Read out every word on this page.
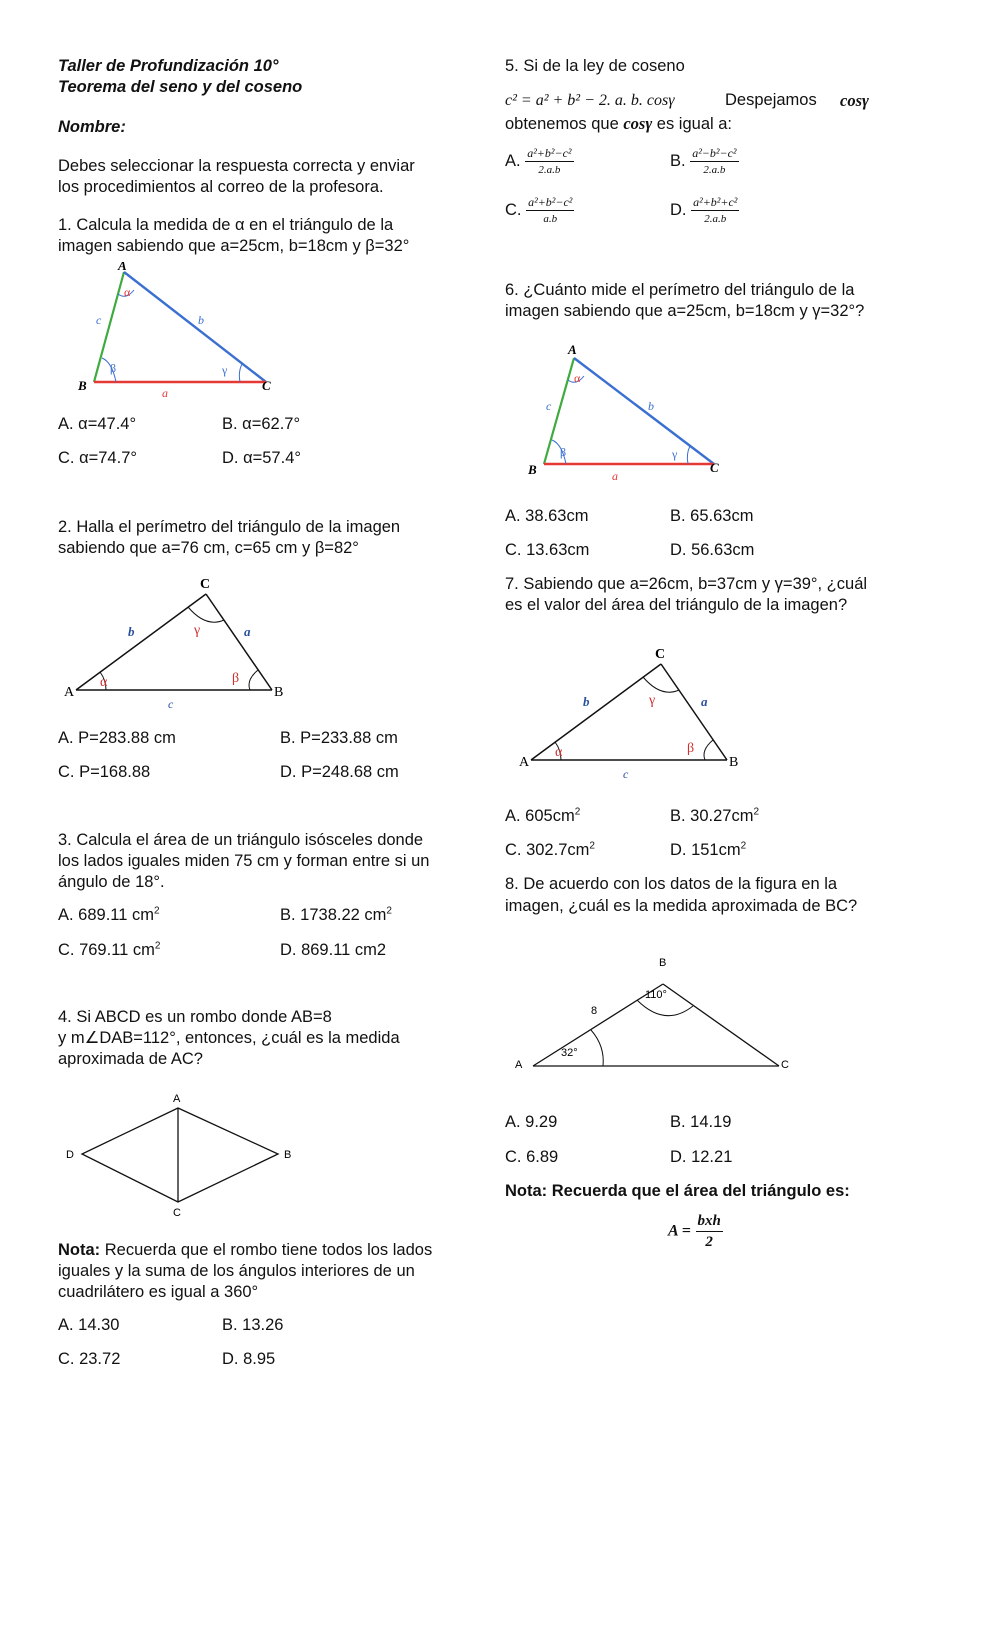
Taller de Profundización 10°
Teorema del seno y del coseno
Nombre:
Debes seleccionar la respuesta correcta y enviar
los procedimientos al correo de la profesora.
1. Calcula la medida de α en el triángulo de la
imagen sabiendo que a=25cm, b=18cm y β=32°
A
B	C
c	b
a
α
β	γ
A. α=47.4°	B. α=62.7°
C. α=74.7°	D. α=57.4°
2. Halla el perímetro del triángulo de la imagen
sabiendo que a=76 cm, c=65 cm y β=82°
C
A	B
b	a
c
α	β
γ
A. P=283.88 cm	B. P=233.88 cm
C. P=168.88	D. P=248.68 cm
3. Calcula el área de un triángulo isósceles donde
los lados iguales miden 75 cm y forman entre si un
ángulo de 18°.
A. 689.11 $cm^2$	B. 1738.22 $cm^2$
C. 769.11 $cm^2$	D. 869.11 cm2
4. Si ABCD es un rombo donde AB=8
y m∠DAB=112°, entonces, ¿cuál es la medida
aproximada de AC?
A
B
C
D
Nota: Recuerda que el rombo tiene todos los lados
iguales y la suma de los ángulos interiores de un
cuadrilátero es igual a 360°
A. 14.30	B. 13.26
C. 23.72	D. 8.95
5. Si de la ley de coseno
c² = a² + b² − 2. a. b. cosγ	Despejamos cosγ
obtenemos que cosγ es igual a:
A. $\frac{\text{a²+b²−c²}}{2.a.b}$	B. $\frac{\text{a²−b²−c²}}{2.a.b}$
C. $\frac{\text{a²+b²−c²}}{a.b}$	D. $\frac{\text{a²+b²+c²}}{2.a.b}$
6. ¿Cuánto mide el perímetro del triángulo de la
imagen sabiendo que a=25cm, b=18cm y γ=32°?
A
B	C
c	b
a
α
β	γ
A. 38.63cm	B. 65.63cm
C. 13.63cm	D. 56.63cm
7. Sabiendo que a=26cm, b=37cm y γ=39°, ¿cuál
es el valor del área del triángulo de la imagen?
C
A	B
b	a
c
α	β
γ
A. $605cm^2$	B. $30.27cm^2$
C. $302.7cm^2$	D. $151cm^2$
8. De acuerdo con los datos de la figura en la
imagen, ¿cuál es la medida aproximada de BC?
B
A	C
8
110°
32°
A. 9.29	B. 14.19
C. 6.89	D. 12.21
Nota: Recuerda que el área del triángulo es:
$A = \frac{\text{bxh}}{2}$
